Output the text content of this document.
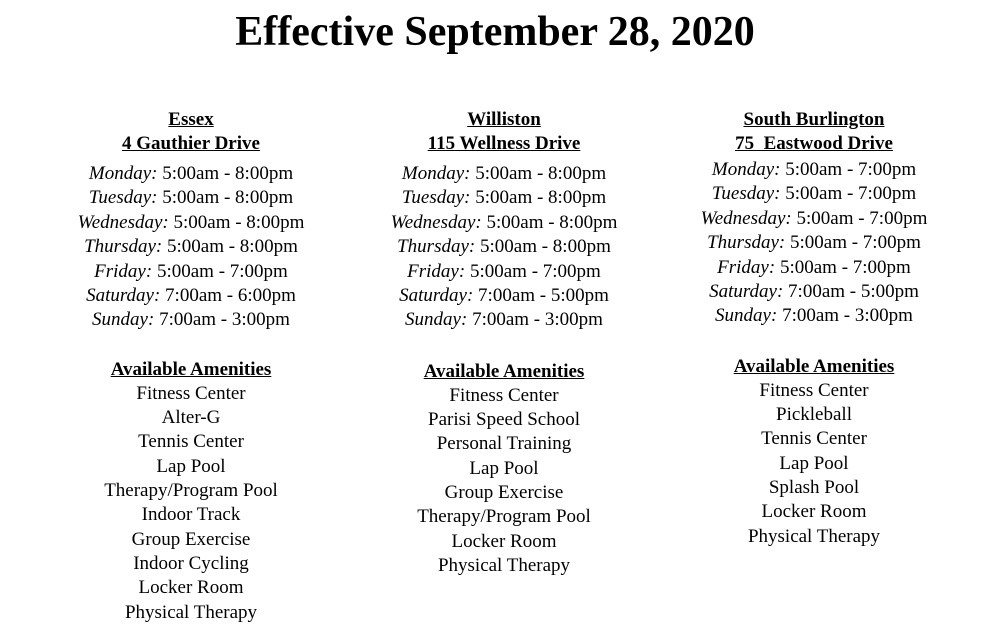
Effective September 28, 2020
Essex
4 Gauthier Drive
Monday: 5:00am - 8:00pm
Tuesday: 5:00am - 8:00pm
Wednesday: 5:00am - 8:00pm
Thursday: 5:00am - 8:00pm
Friday: 5:00am - 7:00pm
Saturday: 7:00am - 6:00pm
Sunday: 7:00am - 3:00pm
Available Amenities
Fitness Center
Alter-G
Tennis Center
Lap Pool
Therapy/Program Pool
Indoor Track
Group Exercise
Indoor Cycling
Locker Room
Physical Therapy
Williston
115 Wellness Drive
Monday: 5:00am - 8:00pm
Tuesday: 5:00am - 8:00pm
Wednesday: 5:00am - 8:00pm
Thursday: 5:00am - 8:00pm
Friday: 5:00am - 7:00pm
Saturday: 7:00am - 5:00pm
Sunday: 7:00am - 3:00pm
Available Amenities
Fitness Center
Parisi Speed School
Personal Training
Lap Pool
Group Exercise
Therapy/Program Pool
Locker Room
Physical Therapy
South Burlington
75  Eastwood Drive
Monday: 5:00am - 7:00pm
Tuesday: 5:00am - 7:00pm
Wednesday: 5:00am - 7:00pm
Thursday: 5:00am - 7:00pm
Friday: 5:00am - 7:00pm
Saturday: 7:00am - 5:00pm
Sunday: 7:00am - 3:00pm
Available Amenities
Fitness Center
Pickleball
Tennis Center
Lap Pool
Splash Pool
Locker Room
Physical Therapy
